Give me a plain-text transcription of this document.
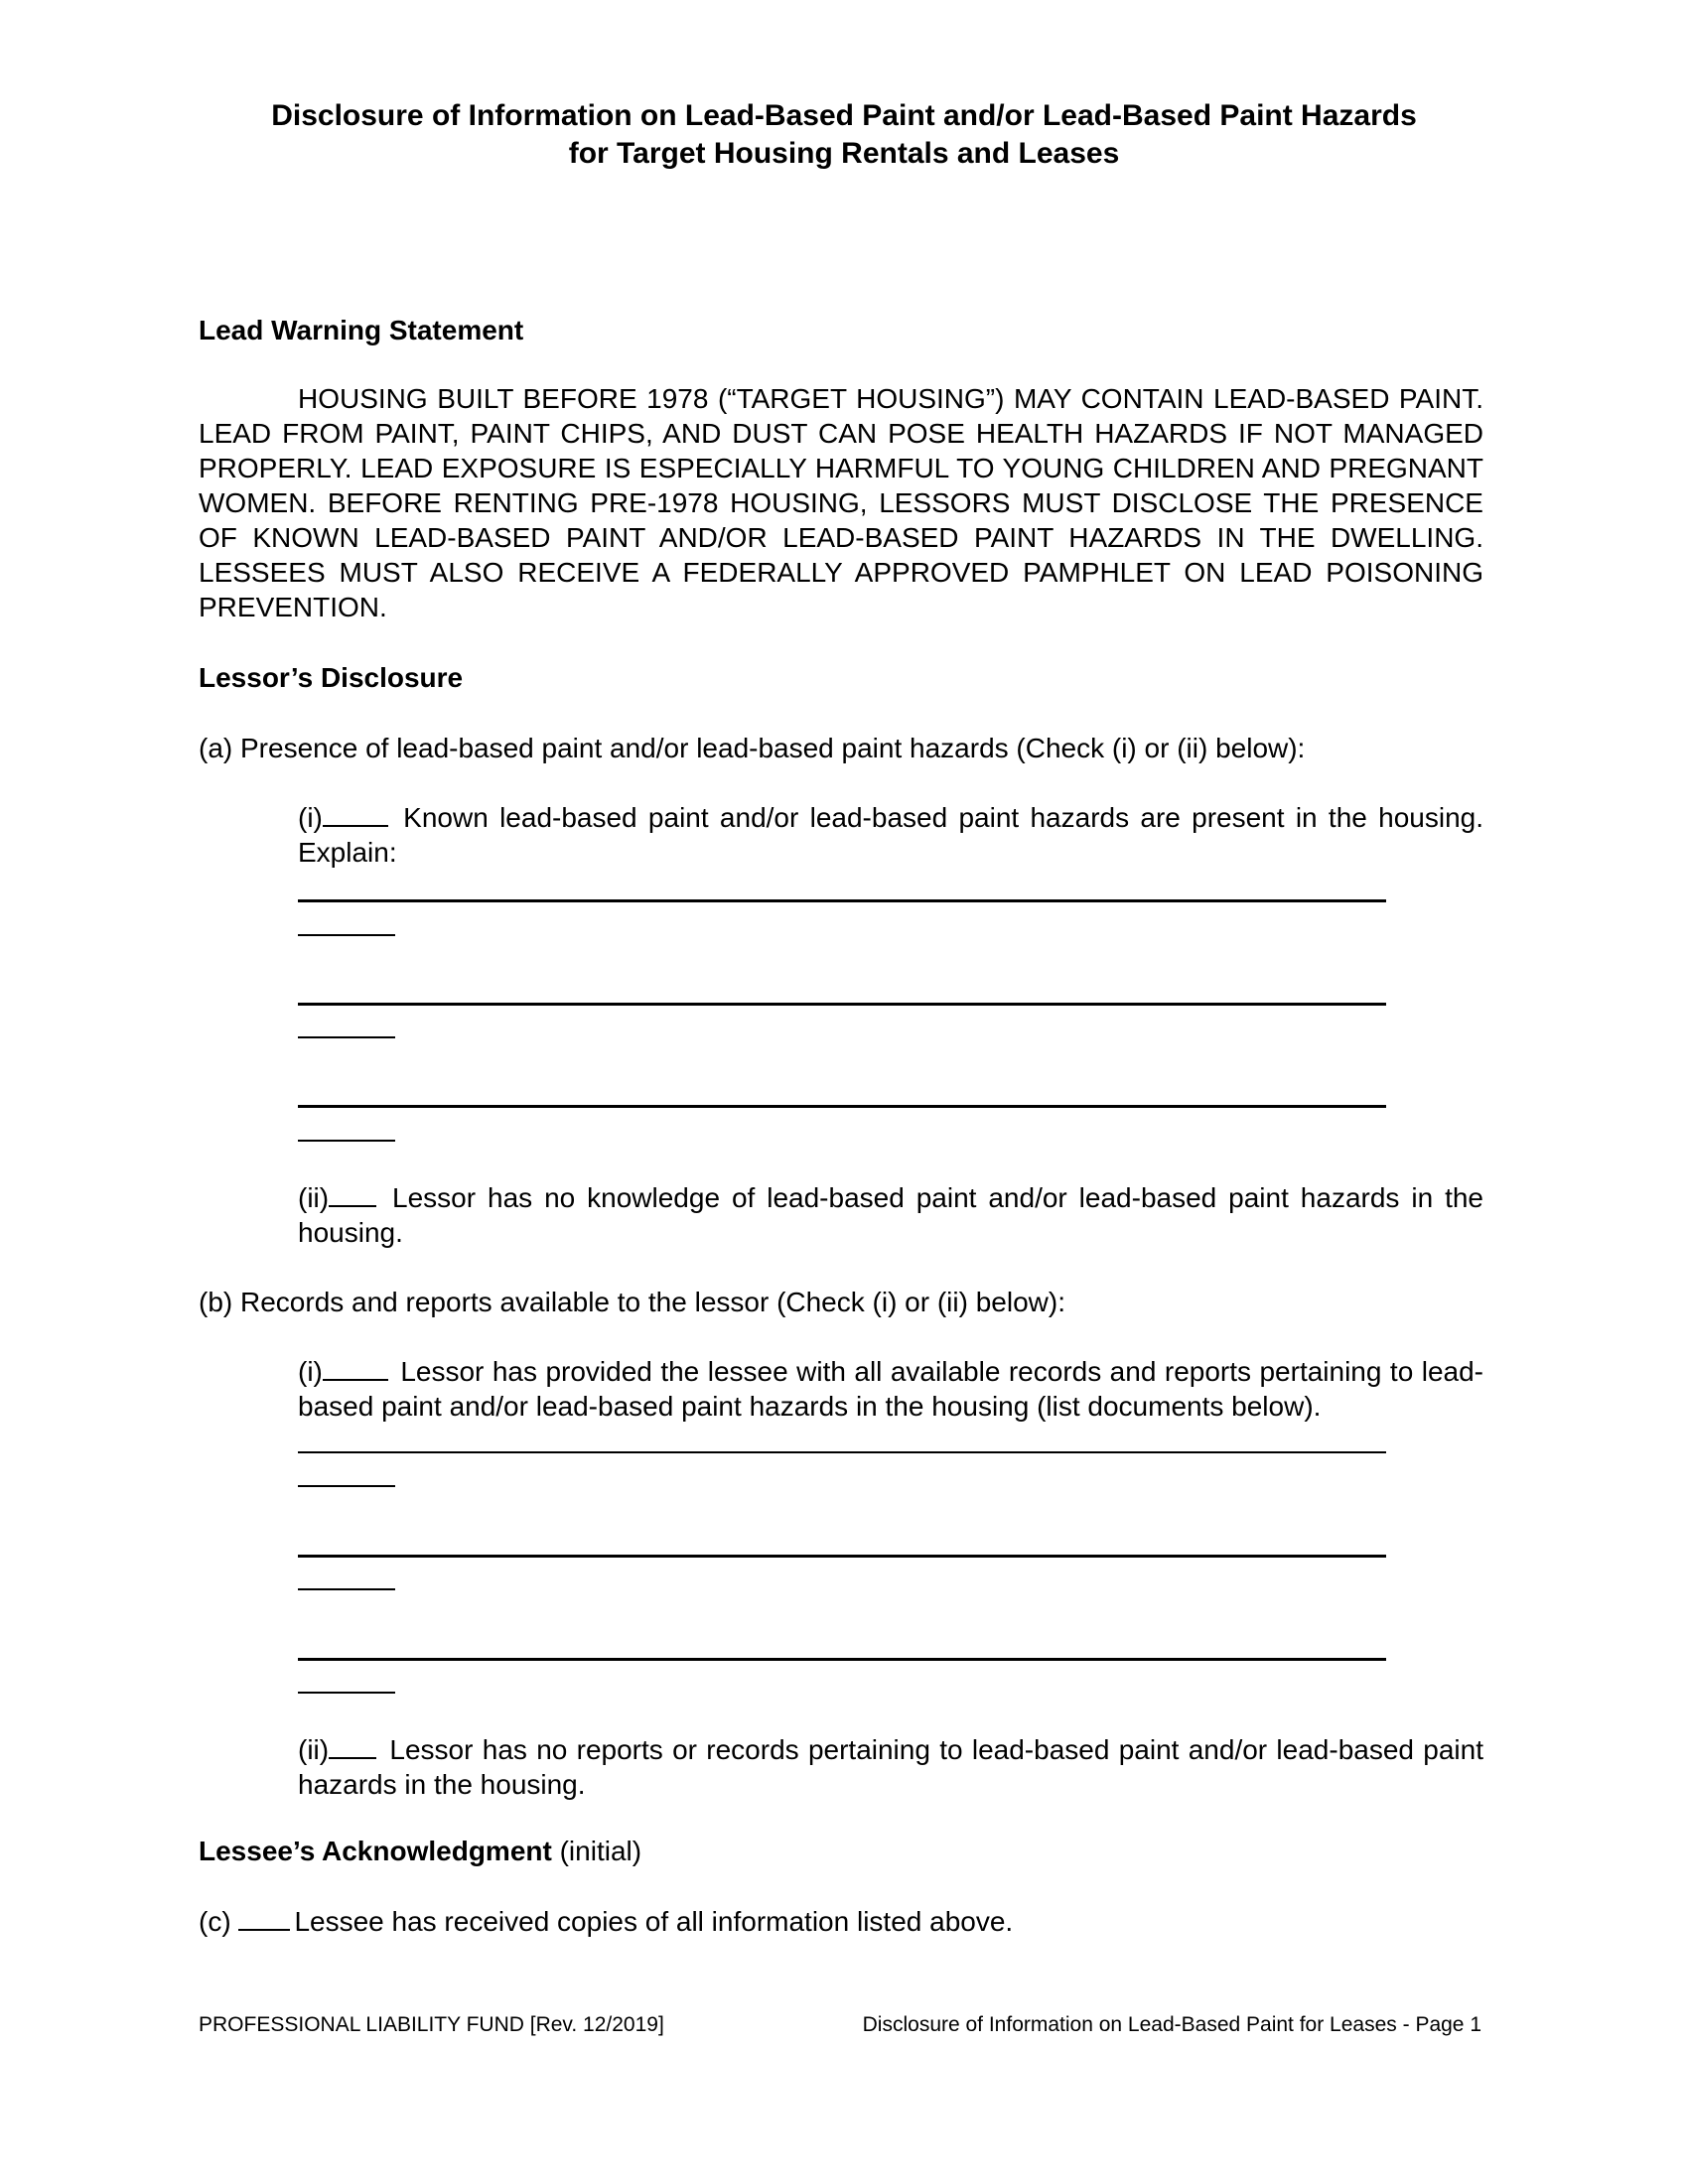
Disclosure of Information on Lead-Based Paint and/or Lead-Based Paint Hazards
for Target Housing Rentals and Leases
Lead Warning Statement
HOUSING BUILT BEFORE 1978 (“TARGET HOUSING”) MAY CONTAIN LEAD-BASED PAINT. LEAD FROM PAINT, PAINT CHIPS, AND DUST CAN POSE HEALTH HAZARDS IF NOT MANAGED PROPERLY. LEAD EXPOSURE IS ESPECIALLY HARMFUL TO YOUNG CHILDREN AND PREGNANT WOMEN. BEFORE RENTING PRE-1978 HOUSING, LESSORS MUST DISCLOSE THE PRESENCE OF KNOWN LEAD-BASED PAINT AND/OR LEAD-BASED PAINT HAZARDS IN THE DWELLING. LESSEES MUST ALSO RECEIVE A FEDERALLY APPROVED PAMPHLET ON LEAD POISONING PREVENTION.
Lessor’s Disclosure
(a) Presence of lead-based paint and/or lead-based paint hazards (Check (i) or (ii) below):
(i)	Known lead-based paint and/or lead-based paint hazards are present in the housing. Explain:
(ii) Lessor has no knowledge of lead-based paint and/or lead-based paint hazards in the housing.
(b) Records and reports available to the lessor (Check (i) or (ii) below):
(i)	Lessor has provided the lessee with all available records and reports pertaining to lead-based paint and/or lead-based paint hazards in the housing (list documents below).
(ii) Lessor has no reports or records pertaining to lead-based paint and/or lead-based paint hazards in the housing.
Lessee’s Acknowledgment (initial)
(c) Lessee has received copies of all information listed above.
PROFESSIONAL LIABILITY FUND [Rev. 12/2019]	Disclosure of Information on Lead-Based Paint for Leases - Page 1
